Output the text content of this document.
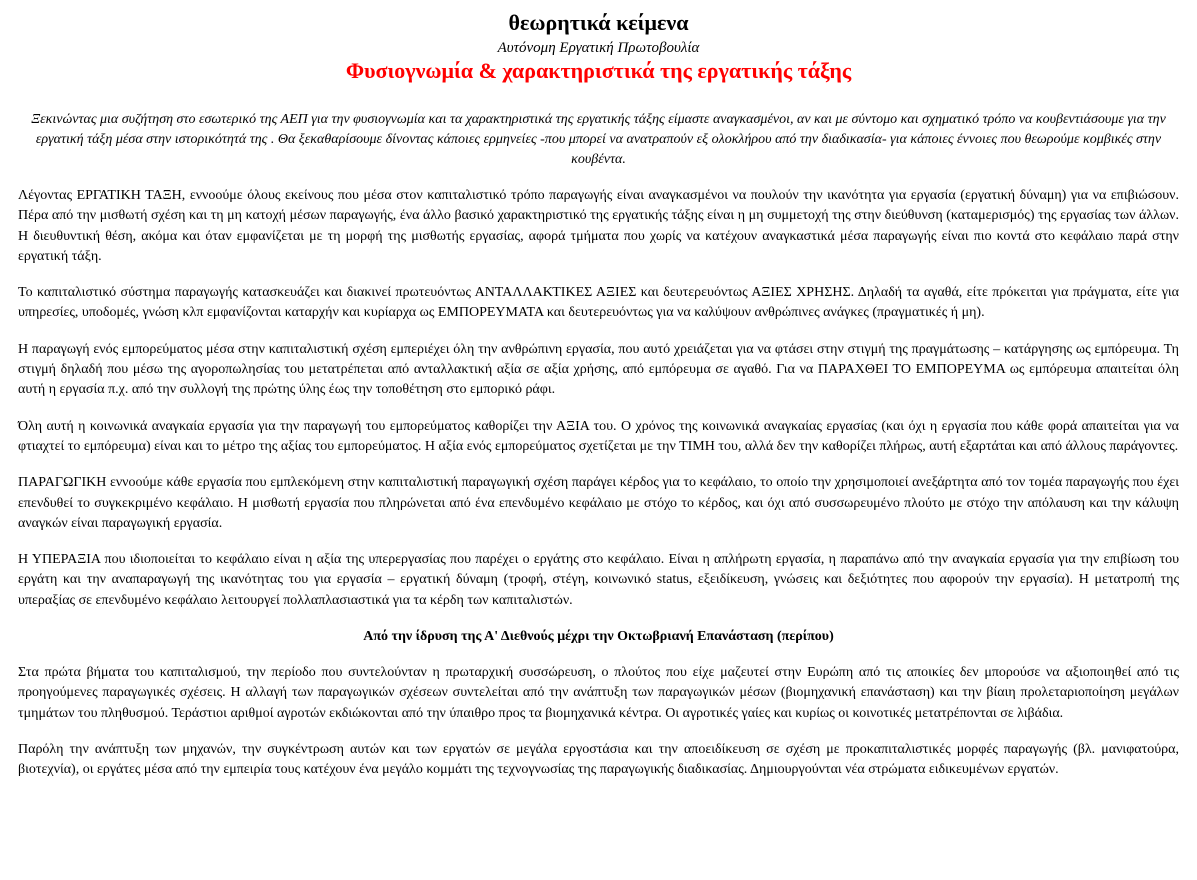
θεωρητικά κείμενα
Αυτόνομη Εργατική Πρωτοβουλία
Φυσιογνωμία & χαρακτηριστικά της εργατικής τάξης

Ξεκινώντας μια συζήτηση στο εσωτερικό της ΑΕΠ για την φυσιογνωμία και τα χαρακτηριστικά της εργατικής τάξης είμαστε αναγκασμένοι, αν και με σύντομο και σχηματικό τρόπο να κουβεντιάσουμε για την εργατική τάξη μέσα στην ιστορικότητά της . Θα ξεκαθαρίσουμε δίνοντας κάποιες ερμηνείες -που μπορεί να ανατραπούν εξ ολοκλήρου από την διαδικασία- για κάποιες έννοιες που θεωρούμε κομβικές στην κουβέντα.

Λέγοντας ΕΡΓΑΤΙΚΗ ΤΑΞΗ, εννοούμε όλους εκείνους που μέσα στον καπιταλιστικό τρόπο παραγωγής είναι αναγκασμένοι να πουλούν την ικανότητα για εργασία (εργατική δύναμη) για να επιβιώσουν. Πέρα από την μισθωτή σχέση και τη μη κατοχή μέσων παραγωγής, ένα άλλο βασικό χαρακτηριστικό της εργατικής τάξης είναι η μη συμμετοχή της στην διεύθυνση (καταμερισμός) της εργασίας των άλλων. Η διευθυντική θέση, ακόμα και όταν εμφανίζεται με τη μορφή της μισθωτής εργασίας, αφορά τμήματα που χωρίς να κατέχουν αναγκαστικά μέσα παραγωγής είναι πιο κοντά στο κεφάλαιο παρά στην εργατική τάξη.

Το καπιταλιστικό σύστημα παραγωγής κατασκευάζει και διακινεί πρωτευόντως ΑΝΤΑΛΛΑΚΤΙΚΕΣ ΑΞΙΕΣ και δευτερευόντως ΑΞΙΕΣ ΧΡΗΣΗΣ. Δηλαδή τα αγαθά, είτε πρόκειται για πράγματα, είτε για υπηρεσίες, υποδομές, γνώση κλπ εμφανίζονται καταρχήν και κυρίαρχα ως ΕΜΠΟΡΕΥΜΑΤΑ και δευτερευόντως για να καλύψουν ανθρώπινες ανάγκες (πραγματικές ή μη).

Η παραγωγή ενός εμπορεύματος μέσα στην καπιταλιστική σχέση εμπεριέχει όλη την ανθρώπινη εργασία, που αυτό χρειάζεται για να φτάσει στην στιγμή της πραγμάτωσης – κατάργησης ως εμπόρευμα. Τη στιγμή δηλαδή που μέσω της αγοροπωλησίας του μετατρέπεται από ανταλλακτική αξία σε αξία χρήσης, από εμπόρευμα σε αγαθό. Για να ΠΑΡΑΧΘΕΙ ΤΟ ΕΜΠΟΡΕΥΜΑ ως εμπόρευμα απαιτείται όλη αυτή η εργασία π.χ. από την συλλογή της πρώτης ύλης έως την τοποθέτηση στο εμπορικό ράφι.

Όλη αυτή η κοινωνικά αναγκαία εργασία για την παραγωγή του εμπορεύματος καθορίζει την ΑΞΙΑ του. Ο χρόνος της κοινωνικά αναγκαίας εργασίας (και όχι η εργασία που κάθε φορά απαιτείται για να φτιαχτεί το εμπόρευμα) είναι και το μέτρο της αξίας του εμπορεύματος. Η αξία ενός εμπορεύματος σχετίζεται με την ΤΙΜΗ του, αλλά δεν την καθορίζει πλήρως, αυτή εξαρτάται και από άλλους παράγοντες.

ΠΑΡΑΓΩΓΙΚΗ εννοούμε κάθε εργασία που εμπλεκόμενη στην καπιταλιστική παραγωγική σχέση παράγει κέρδος για το κεφάλαιο, το οποίο την χρησιμοποιεί ανεξάρτητα από τον τομέα παραγωγής που έχει επενδυθεί το συγκεκριμένο κεφάλαιο. Η μισθωτή εργασία που πληρώνεται από ένα επενδυμένο κεφάλαιο με στόχο το κέρδος, και όχι από συσσωρευμένο πλούτο με στόχο την απόλαυση και την κάλυψη αναγκών είναι παραγωγική εργασία.

Η ΥΠΕΡΑΞΙΑ που ιδιοποιείται το κεφάλαιο είναι η αξία της υπερεργασίας που παρέχει ο εργάτης στο κεφάλαιο. Είναι η απλήρωτη εργασία, η παραπάνω από την αναγκαία εργασία για την επιβίωση του εργάτη και την αναπαραγωγή της ικανότητας του για εργασία – εργατική δύναμη (τροφή, στέγη, κοινωνικό status, εξειδίκευση, γνώσεις και δεξιότητες που αφορούν την εργασία). Η μετατροπή της υπεραξίας σε επενδυμένο κεφάλαιο λειτουργεί πολλαπλασιαστικά για τα κέρδη των καπιταλιστών.

Από την ίδρυση της Α' Διεθνούς μέχρι την Οκτωβριανή Επανάσταση (περίπου)

Στα πρώτα βήματα του καπιταλισμού, την περίοδο που συντελούνταν η πρωταρχική συσσώρευση, ο πλούτος που είχε μαζευτεί στην Ευρώπη από τις αποικίες δεν μπορούσε να αξιοποιηθεί από τις προηγούμενες παραγωγικές σχέσεις. Η αλλαγή των παραγωγικών σχέσεων συντελείται από την ανάπτυξη των παραγωγικών μέσων (βιομηχανική επανάσταση) και την βίαιη προλεταριοποίηση μεγάλων τμημάτων του πληθυσμού. Τεράστιοι αριθμοί αγροτών εκδιώκονται από την ύπαιθρο προς τα βιομηχανικά κέντρα. Οι αγροτικές γαίες και κυρίως οι κοινοτικές μετατρέπονται σε λιβάδια.

Παρόλη την ανάπτυξη των μηχανών, την συγκέντρωση αυτών και των εργατών σε μεγάλα εργοστάσια και την αποειδίκευση σε σχέση με προκαπιταλιστικές μορφές παραγωγής (βλ. μανιφατούρα, βιοτεχνία), οι εργάτες μέσα από την εμπειρία τους κατέχουν ένα μεγάλο κομμάτι της τεχνογνωσίας της παραγωγικής διαδικασίας. Δημιουργούνται νέα στρώματα ειδικευμένων εργατών.
